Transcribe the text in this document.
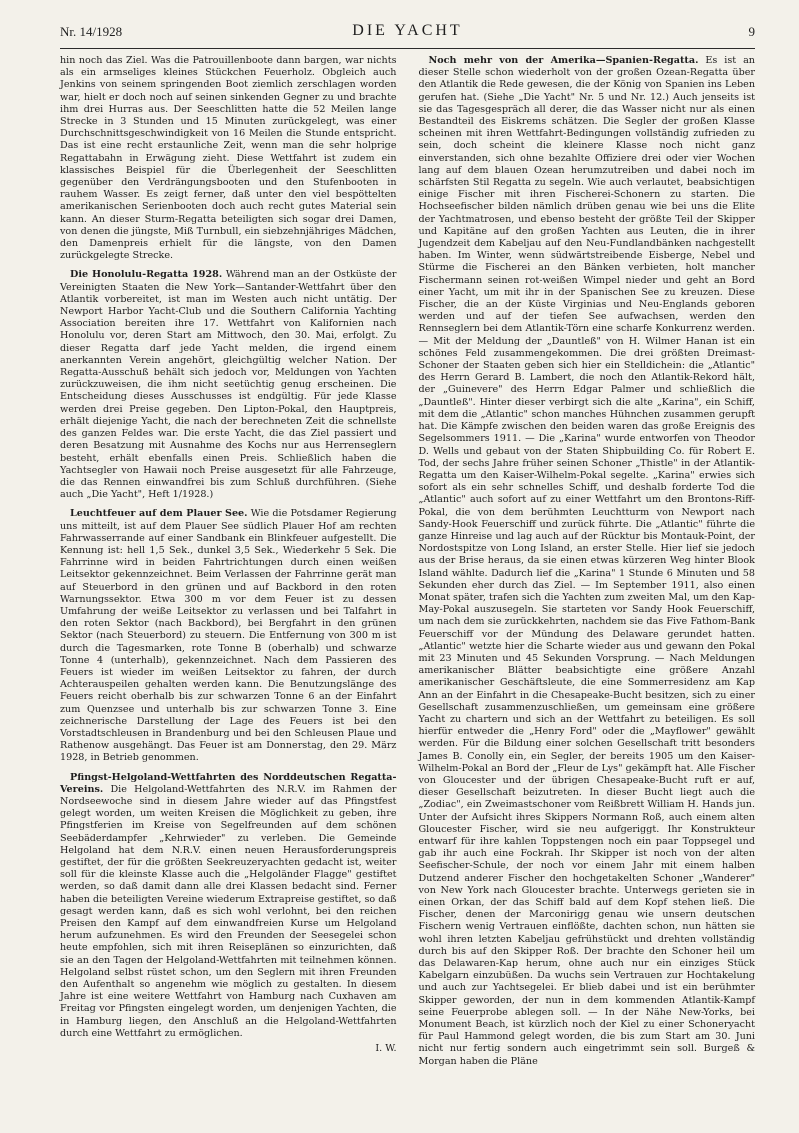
Nr. 14/1928	DIE YACHT	9

hin noch das Ziel. Was die Patrouillenboote dann bargen, war nichts als ein armseliges kleines Stückchen Feuerholz. Obgleich auch Jenkins von seinem springenden Boot ziemlich zerschlagen worden war, hielt er doch noch auf seinen sinkenden Gegner zu und brachte ihm drei Hurras aus. Der Seeschlitten hatte die 52 Meilen lange Strecke in 3 Stunden und 15 Minuten zurückgelegt, was einer Durchschnittsgeschwindigkeit von 16 Meilen die Stunde entspricht. Das ist eine recht erstaunliche Zeit, wenn man die sehr holprige Regattabahn in Erwägung zieht. Diese Wettfahrt ist zudem ein klassisches Beispiel für die Überlegenheit der Seeschlitten gegenüber den Verdrängungsbooten und den Stufenbooten in rauhem Wasser. Es zeigt ferner, daß unter den viel bespöttelten amerikanischen Serienbooten doch auch recht gutes Material sein kann. An dieser Sturm-Regatta beteiligten sich sogar drei Damen, von denen die jüngste, Miß Turnbull, ein siebzehnjähriges Mädchen, den Damenpreis erhielt für die längste, von den Damen zurückgelegte Strecke.

Die Honolulu-Regatta 1928. Während man an der Ostküste der Vereinigten Staaten die New York—Santander-Wettfahrt über den Atlantik vorbereitet, ist man im Westen auch nicht untätig. Der Newport Harbor Yacht-Club und die Southern California Yachting Association bereiten ihre 17. Wettfahrt von Kalifornien nach Honolulu vor, deren Start am Mittwoch, den 30. Mai, erfolgt. Zu dieser Regatta darf jede Yacht melden, die irgend einem anerkannten Verein angehört, gleichgültig welcher Nation. Der Regatta-Ausschuß behält sich jedoch vor, Meldungen von Yachten zurückzuweisen, die ihm nicht seetüchtig genug erscheinen. Die Entscheidung dieses Ausschusses ist endgültig. Für jede Klasse werden drei Preise gegeben. Den Lipton-Pokal, den Hauptpreis, erhält diejenige Yacht, die nach der berechneten Zeit die schnellste des ganzen Feldes war. Die erste Yacht, die das Ziel passiert und deren Besatzung mit Ausnahme des Kochs nur aus Herrenseglern besteht, erhält ebenfalls einen Preis. Schließlich haben die Yachtsegler von Hawaii noch Preise ausgesetzt für alle Fahrzeuge, die das Rennen einwandfrei bis zum Schluß durchführen. (Siehe auch „Die Yacht", Heft 1/1928.)

Leuchtfeuer auf dem Plauer See. Wie die Potsdamer Regierung uns mitteilt, ist auf dem Plauer See südlich Plauer Hof am rechten Fahrwasserrande auf einer Sandbank ein Blinkfeuer aufgestellt. Die Kennung ist: hell 1,5 Sek., dunkel 3,5 Sek., Wiederkehr 5 Sek. Die Fahrrinne wird in beiden Fahrtrichtungen durch einen weißen Leitsektor gekennzeichnet. Beim Verlassen der Fahrrinne gerät man auf Steuerbord in den grünen und auf Backbord in den roten Warnungssektor. Etwa 300 m vor dem Feuer ist zu dessen Umfahrung der weiße Leitsektor zu verlassen und bei Talfahrt in den roten Sektor (nach Backbord), bei Bergfahrt in den grünen Sektor (nach Steuerbord) zu steuern. Die Entfernung von 300 m ist durch die Tagesmarken, rote Tonne B (oberhalb) und schwarze Tonne 4 (unterhalb), gekennzeichnet. Nach dem Passieren des Feuers ist wieder im weißen Leitsektor zu fahren, der durch Achterauspeilen gehalten werden kann. Die Benutzungslänge des Feuers reicht oberhalb bis zur schwarzen Tonne 6 an der Einfahrt zum Quenzsee und unterhalb bis zur schwarzen Tonne 3. Eine zeichnerische Darstellung der Lage des Feuers ist bei den Vorstadtschleusen in Brandenburg und bei den Schleusen Plaue und Rathenow ausgehängt. Das Feuer ist am Donnerstag, den 29. März 1928, in Betrieb genommen.

Pfingst-Helgoland-Wettfahrten des Norddeutschen Regatta-Vereins. Die Helgoland-Wettfahrten des N.R.V. im Rahmen der Nordseewoche sind in diesem Jahre wieder auf das Pfingstfest gelegt worden, um weiten Kreisen die Möglichkeit zu geben, ihre Pfingstferien im Kreise von Segelfreunden auf dem schönen Seebäderdampfer „Kehrwieder" zu verleben. Die Gemeinde Helgoland hat dem N.R.V. einen neuen Herausforderungspreis gestiftet, der für die größten Seekreuzeryachten gedacht ist, weiter soll für die kleinste Klasse auch die „Helgoländer Flagge" gestiftet werden, so daß damit dann alle drei Klassen bedacht sind. Ferner haben die beteiligten Vereine wiederum Extrapreise gestiftet, so daß gesagt werden kann, daß es sich wohl verlohnt, bei den reichen Preisen den Kampf auf dem einwandfreien Kurse um Helgoland herum aufzunehmen. Es wird den Freunden der Seesegelei schon heute empfohlen, sich mit ihren Reiseplänen so einzurichten, daß sie an den Tagen der Helgoland-Wettfahrten mit teilnehmen können. Helgoland selbst rüstet schon, um den Seglern mit ihren Freunden den Aufenthalt so angenehm wie möglich zu gestalten. In diesem Jahre ist eine weitere Wettfahrt von Hamburg nach Cuxhaven am Freitag vor Pfingsten eingelegt worden, um denjenigen Yachten, die in Hamburg liegen, den Anschluß an die Helgoland-Wettfahrten durch eine Wettfahrt zu ermöglichen.

I. W.

Noch mehr von der Amerika—Spanien-Regatta. Es ist an dieser Stelle schon wiederholt von der großen Ozean-Regatta über den Atlantik die Rede gewesen, die der König von Spanien ins Leben gerufen hat. (Siehe „Die Yacht" Nr. 5 und Nr. 12.) Auch jenseits ist sie das Tagesgespräch all derer, die das Wasser nicht nur als einen Bestandteil des Eiskrems schätzen. Die Segler der großen Klasse scheinen mit ihren Wettfahrt-Bedingungen vollständig zufrieden zu sein, doch scheint die kleinere Klasse noch nicht ganz einverstanden, sich ohne bezahlte Offiziere drei oder vier Wochen lang auf dem blauen Ozean herumzutreiben und dabei noch im schärfsten Stil Regatta zu segeln. Wie auch verlautet, beabsichtigen einige Fischer mit ihren Fischerei-Schonern zu starten. Die Hochseefischer bilden nämlich drüben genau wie bei uns die Elite der Yachtmatrosen, und ebenso besteht der größte Teil der Skipper und Kapitäne auf den großen Yachten aus Leuten, die in ihrer Jugendzeit dem Kabeljau auf den Neu-Fundlandbänken nachgestellt haben. Im Winter, wenn südwärtstreibende Eisberge, Nebel und Stürme die Fischerei an den Bänken verbieten, holt mancher Fischermann seinen rot-weißen Wimpel nieder und geht an Bord einer Yacht, um mit ihr in der Spanischen See zu kreuzen. Diese Fischer, die an der Küste Virginias und Neu-Englands geboren werden und auf der tiefen See aufwachsen, werden den Rennseglern bei dem Atlantik-Törn eine scharfe Konkurrenz werden. — Mit der Meldung der „Dauntleß" von H. Wilmer Hanan ist ein schönes Feld zusammengekommen. Die drei größten Dreimast-Schoner der Staaten geben sich hier ein Stelldichein: die „Atlantic" des Herrn Gerard B. Lambert, die noch den Atlantik-Rekord hält, der „Guinevere" des Herrn Edgar Palmer und schließlich die „Dauntleß". Hinter dieser verbirgt sich die alte „Karina", ein Schiff, mit dem die „Atlantic" schon manches Hühnchen zusammen gerupft hat. Die Kämpfe zwischen den beiden waren das große Ereignis des Segelsommers 1911. — Die „Karina" wurde entworfen von Theodor D. Wells und gebaut von der Staten Shipbuilding Co. für Robert E. Tod, der sechs Jahre früher seinen Schoner „Thistle" in der Atlantik-Regatta um den Kaiser-Wilhelm-Pokal segelte. „Karina" erwies sich sofort als ein sehr schnelles Schiff, und deshalb forderte Tod die „Atlantic" auch sofort auf zu einer Wettfahrt um den Brontons-Riff-Pokal, die von dem berühmten Leuchtturm von Newport nach Sandy-Hook Feuerschiff und zurück führte. Die „Atlantic" führte die ganze Hinreise und lag auch auf der Rücktur bis Montauk-Point, der Nordostspitze von Long Island, an erster Stelle. Hier lief sie jedoch aus der Brise heraus, da sie einen etwas kürzeren Weg hinter Blook Island wählte. Dadurch lief die „Karina" 1 Stunde 6 Minuten und 58 Sekunden eher durch das Ziel. — Im September 1911, also einen Monat später, trafen sich die Yachten zum zweiten Mal, um den Kap-May-Pokal auszusegeln. Sie starteten vor Sandy Hook Feuerschiff, um nach dem sie zurückkehrten, nachdem sie das Five Fathom-Bank Feuerschiff vor der Mündung des Delaware gerundet hatten. „Atlantic" wetzte hier die Scharte wieder aus und gewann den Pokal mit 23 Minuten und 45 Sekunden Vorsprung. — Nach Meldungen amerikanischer Blätter beabsichtigte eine größere Anzahl amerikanischer Geschäftsleute, die eine Sommerresidenz am Kap Ann an der Einfahrt in die Chesapeake-Bucht besitzen, sich zu einer Gesellschaft zusammenzuschließen, um gemeinsam eine größere Yacht zu chartern und sich an der Wettfahrt zu beteiligen. Es soll hierfür entweder die „Henry Ford" oder die „Mayflower" gewählt werden. Für die Bildung einer solchen Gesellschaft tritt besonders James B. Conolly ein, ein Segler, der bereits 1905 um den Kaiser-Wilhelm-Pokal an Bord der „Fleur de Lys" gekämpft hat. Alle Fischer von Gloucester und der übrigen Chesapeake-Bucht ruft er auf, dieser Gesellschaft beizutreten. In dieser Bucht liegt auch die „Zodiac", ein Zweimastschoner vom Reißbrett William H. Hands jun. Unter der Aufsicht ihres Skippers Normann Roß, auch einem alten Gloucester Fischer, wird sie neu aufgeriggt. Ihr Konstrukteur entwarf für ihre kahlen Toppstengen noch ein paar Toppsegel und gab ihr auch eine Fockrah. Ihr Skipper ist noch von der alten Seefischer-Schule, der noch vor einem Jahr mit einem halben Dutzend anderer Fischer den hochgetakelten Schoner „Wanderer" von New York nach Gloucester brachte. Unterwegs gerieten sie in einen Orkan, der das Schiff bald auf dem Kopf stehen ließ. Die Fischer, denen der Marconirigg genau wie unsern deutschen Fischern wenig Vertrauen einflößte, dachten schon, nun hätten sie wohl ihren letzten Kabeljau gefrühstückt und drehten vollständig durch bis auf den Skipper Roß. Der brachte den Schoner heil um das Delawaren-Kap herum, ohne auch nur ein einziges Stück Kabelgarn einzubüßen. Da wuchs sein Vertrauen zur Hochtakelung und auch zur Yachtsegelei. Er blieb dabei und ist ein berühmter Skipper geworden, der nun in dem kommenden Atlantik-Kampf seine Feuerprobe ablegen soll. — In der Nähe New-Yorks, bei Monument Beach, ist kürzlich noch der Kiel zu einer Schoneryacht für Paul Hammond gelegt worden, die bis zum Start am 30. Juni nicht nur fertig sondern auch eingetrimmt sein soll. Burgeß & Morgan haben die Pläne
